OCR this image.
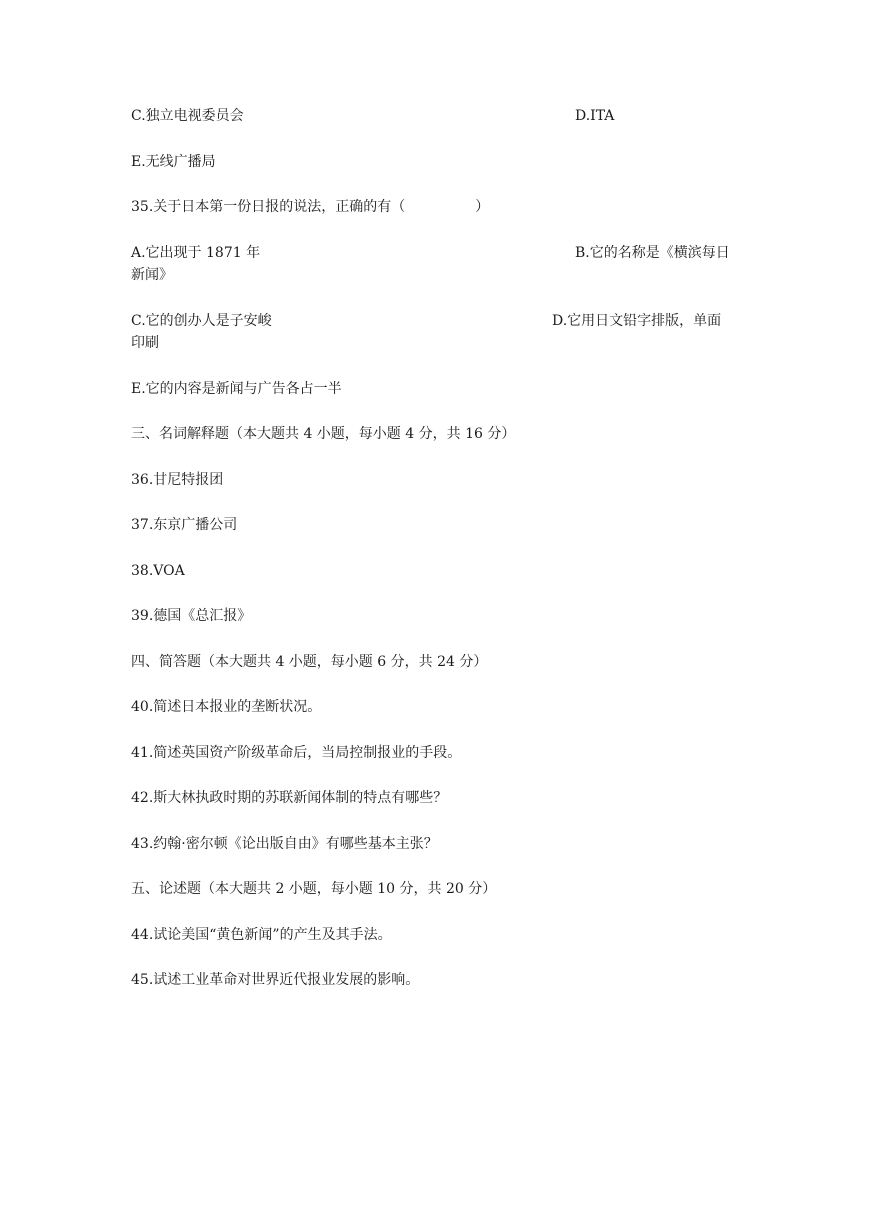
C.独立电视委员会	D.ITA
E.无线广播局
35.关于日本第一份日报的说法，正确的有（　　　　　）
A.它出现于 1871 年
新闻》
B.它的名称是《横滨每日
C.它的创办人是子安峻
印刷
D.它用日文铅字排版，单面
E.它的内容是新闻与广告各占一半
三、名词解释题（本大题共 4 小题，每小题 4 分，共 16 分）
36.甘尼特报团
37.东京广播公司
38.VOA
39.德国《总汇报》
四、简答题（本大题共 4 小题，每小题 6 分，共 24 分）
40.简述日本报业的垄断状况。
41.简述英国资产阶级革命后，当局控制报业的手段。
42.斯大林执政时期的苏联新闻体制的特点有哪些？
43.约翰·密尔顿《论出版自由》有哪些基本主张？
五、论述题（本大题共 2 小题，每小题 10 分，共 20 分）
44.试论美国“黄色新闻”的产生及其手法。
45.试述工业革命对世界近代报业发展的影响。
